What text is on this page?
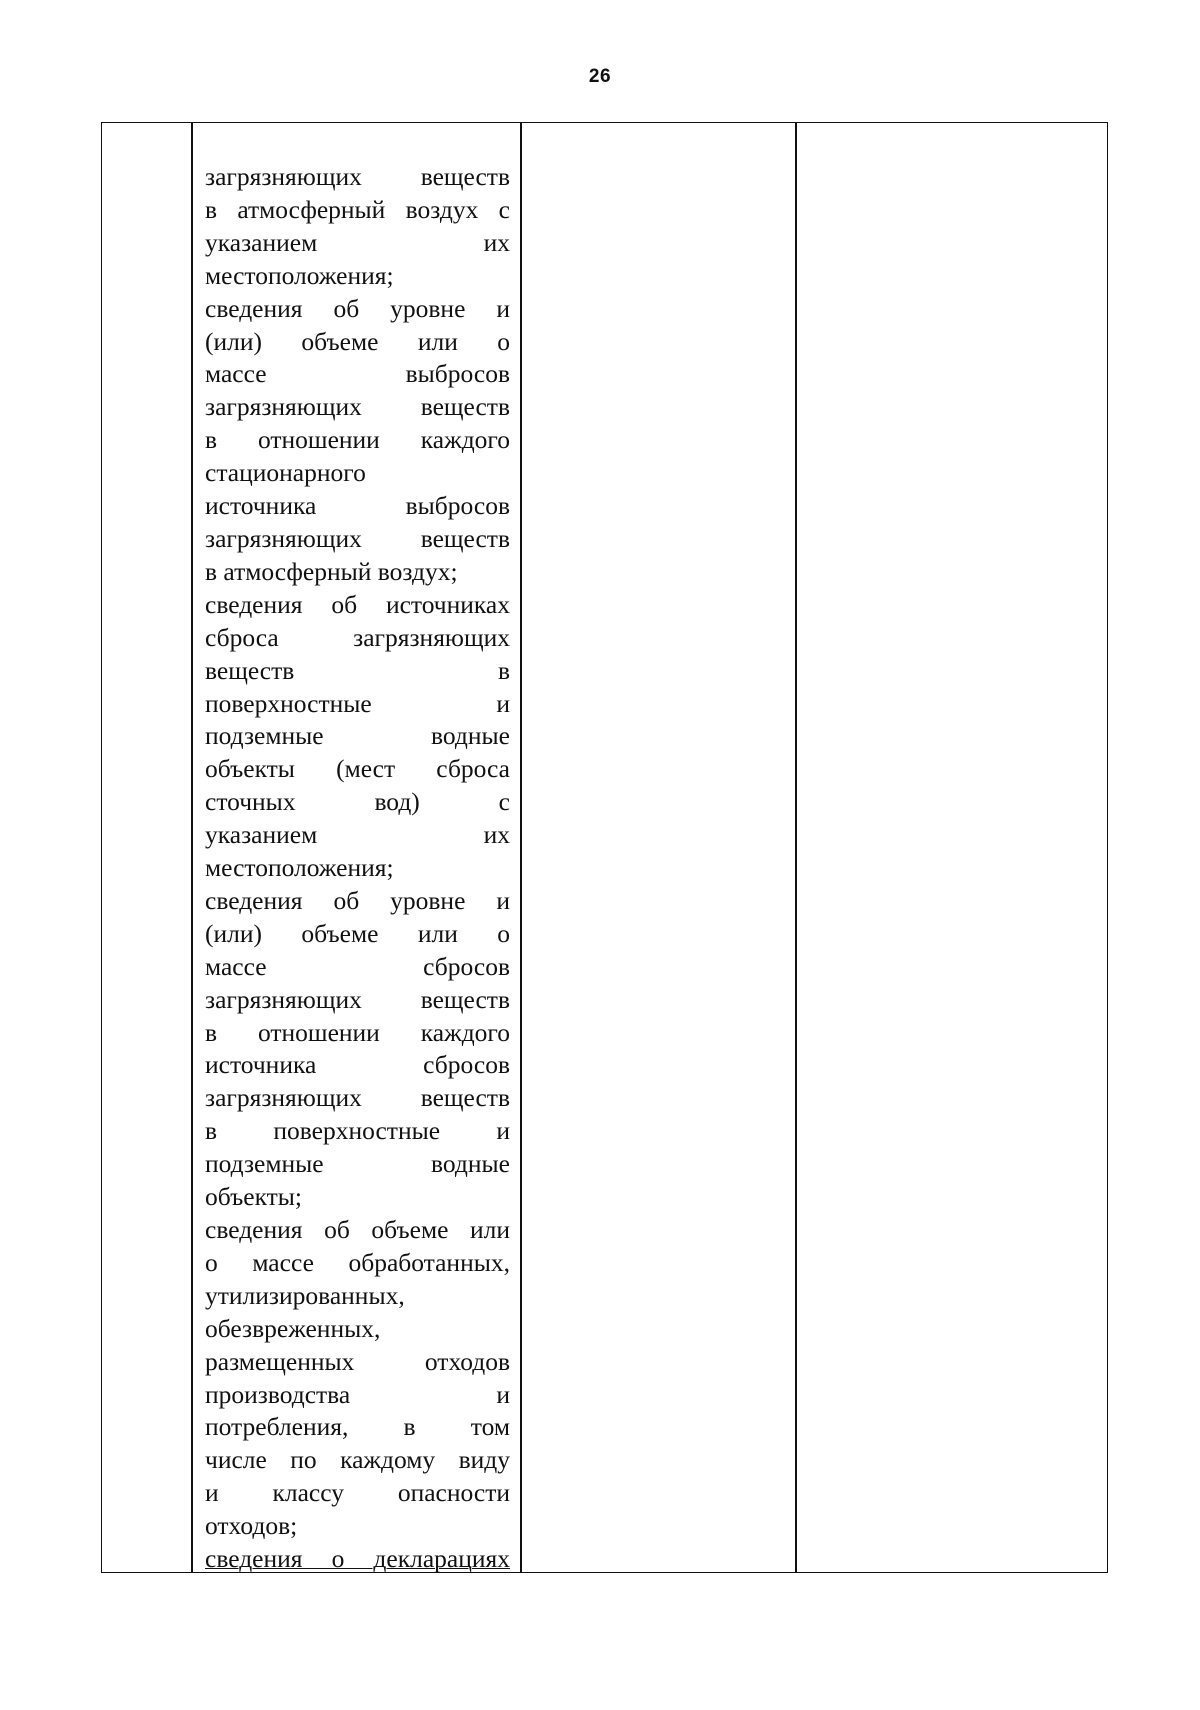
26
загрязняющих веществ
в атмосферный воздух с
указанием их
местоположения;
сведения об уровне и
(или) объеме или о
массе выбросов
загрязняющих веществ
в отношении каждого
стационарного
источника выбросов
загрязняющих веществ
в атмосферный воздух;
сведения об источниках
сброса загрязняющих
веществ в
поверхностные и
подземные водные
объекты (мест сброса
сточных вод) с
указанием их
местоположения;
сведения об уровне и
(или) объеме или о
массе сбросов
загрязняющих веществ
в отношении каждого
источника сбросов
загрязняющих веществ
в поверхностные и
подземные водные
объекты;
сведения об объеме или
о массе обработанных,
утилизированных,
обезвреженных,
размещенных отходов
производства и
потребления, в том
числе по каждому виду
и классу опасности
отходов;
сведения о декларациях
